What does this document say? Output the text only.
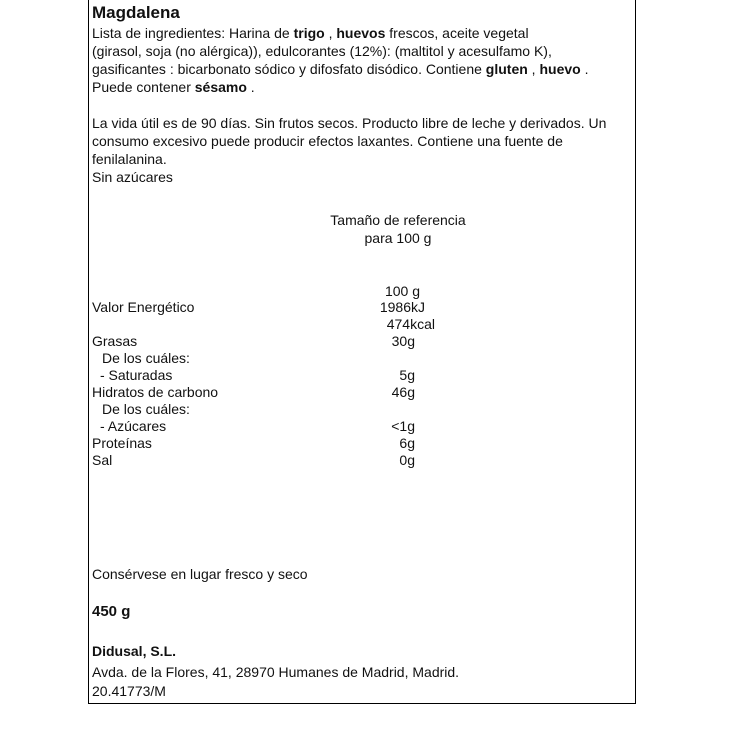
Magdalena
Lista de ingredientes: Harina de trigo , huevos frescos, aceite vegetal
(girasol, soja (no alérgica)), edulcorantes (12%): (maltitol y acesulfamo K),
gasificantes : bicarbonato sódico y difosfato disódico. Contiene gluten , huevo .
Puede contener sésamo .
La vida útil es de 90 días. Sin frutos secos. Producto libre de leche y derivados. Un
consumo excesivo puede producir efectos laxantes. Contiene una fuente de
fenilalanina.
Sin azúcares
Tamaño de referencia
para 100 g
100 g
Valor Energético	1986kJ
474kcal
Grasas	30g
De los cuáles:
- Saturadas	5g
Hidratos de carbono	46g
De los cuáles:
- Azúcares	<1g
Proteínas	6g
Sal	0g
Consérvese en lugar fresco y seco
450 g
Didusal, S.L.
Avda. de la Flores, 41, 28970 Humanes de Madrid, Madrid.
20.41773/M
